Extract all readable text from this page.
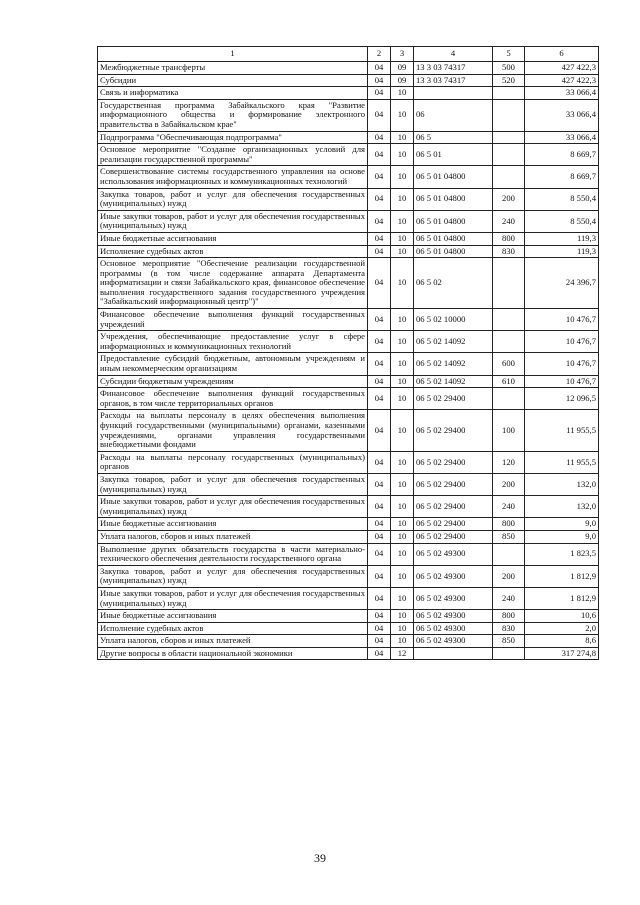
1	2	3	4	5	6
Межбюджетные трансферты	04	09	13 3 03 74317	500	427 422,3
Субсидии	04	09	13 3 03 74317	520	427 422,3
Связь и информатика	04	10			33 066,4
Государственная программа Забайкальского края "Развитие информационного общества и формирование электронного правительства в Забайкальском крае"	04	10	06		33 066,4
Подпрограмма "Обеспечивающая подпрограмма"	04	10	06 5		33 066,4
Основное мероприятие "Создание организационных условий для реализации государственной программы"	04	10	06 5 01		8 669,7
Совершенствование системы государственного управления на основе использования информационных и коммуникационных технологий	04	10	06 5 01 04800		8 669,7
Закупка товаров, работ и услуг для обеспечения государственных (муниципальных) нужд	04	10	06 5 01 04800	200	8 550,4
Иные закупки товаров, работ и услуг для обеспечения государственных (муниципальных) нужд	04	10	06 5 01 04800	240	8 550,4
Иные бюджетные ассигнования	04	10	06 5 01 04800	800	119,3
Исполнение судебных актов	04	10	06 5 01 04800	830	119,3
Основное мероприятие "Обеспечение реализации государственной программы (в том числе содержание аппарата Департамента информатизации и связи Забайкальского края, финансовое обеспечение выполнения государственного задания государственного учреждения "Забайкальский информационный центр")"	04	10	06 5 02		24 396,7
Финансовое обеспечение выполнения функций государственных учреждений	04	10	06 5 02 10000		10 476,7
Учреждения, обеспечивающие предоставление услуг в сфере информационных и коммуникационных технологий	04	10	06 5 02 14092		10 476,7
Предоставление субсидий бюджетным, автономным учреждениям и иным некоммерческим организациям	04	10	06 5 02 14092	600	10 476,7
Субсидии бюджетным учреждениям	04	10	06 5 02 14092	610	10 476,7
Финансовое обеспечение выполнения функций государственных органов, в том числе территориальных органов	04	10	06 5 02 29400		12 096,5
Расходы на выплаты персоналу в целях обеспечения выполнения функций государственными (муниципальными) органами, казенными учреждениями, органами управления государственными внебюджетными фондами	04	10	06 5 02 29400	100	11 955,5
Расходы на выплаты персоналу государственных (муниципальных) органов	04	10	06 5 02 29400	120	11 955,5
Закупка товаров, работ и услуг для обеспечения государственных (муниципальных) нужд	04	10	06 5 02 29400	200	132,0
Иные закупки товаров, работ и услуг для обеспечения государственных (муниципальных) нужд	04	10	06 5 02 29400	240	132,0
Иные бюджетные ассигнования	04	10	06 5 02 29400	800	9,0
Уплата налогов, сборов и иных платежей	04	10	06 5 02 29400	850	9,0
Выполнение других обязательств государства в части материально-технического обеспечения деятельности государственного органа	04	10	06 5 02 49300		1 823,5
Закупка товаров, работ и услуг для обеспечения государственных (муниципальных) нужд	04	10	06 5 02 49300	200	1 812,9
Иные закупки товаров, работ и услуг для обеспечения государственных (муниципальных) нужд	04	10	06 5 02 49300	240	1 812,9
Иные бюджетные ассигнования	04	10	06 5 02 49300	800	10,6
Исполнение судебных актов	04	10	06 5 02 49300	830	2,0
Уплата налогов, сборов и иных платежей	04	10	06 5 02 49300	850	8,6
Другие вопросы в области национальной экономики	04	12			317 274,8
39
